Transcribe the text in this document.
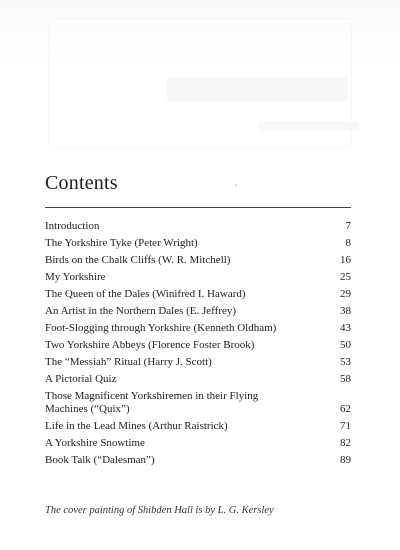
Contents
Introduction	7
The Yorkshire Tyke (Peter Wright)	8
Birds on the Chalk Cliffs (W. R. Mitchell)	16
My Yorkshire	25
The Queen of the Dales (Winifred I. Haward)	29
An Artist in the Northern Dales (E. Jeffrey)	38
Foot-Slogging through Yorkshire (Kenneth Oldham)	43
Two Yorkshire Abbeys (Florence Foster Brook)	50
The “Messiah” Ritual (Harry J. Scott)	53
A Pictorial Quiz	58
Those Magnificent Yorkshiremen in their Flying Machines (“Quix”)	62
Life in the Lead Mines (Arthur Raistrick)	71
A Yorkshire Snowtime	82
Book Talk (“Dalesman”)	89

The cover painting of Shibden Hall is by L. G. Kersley
